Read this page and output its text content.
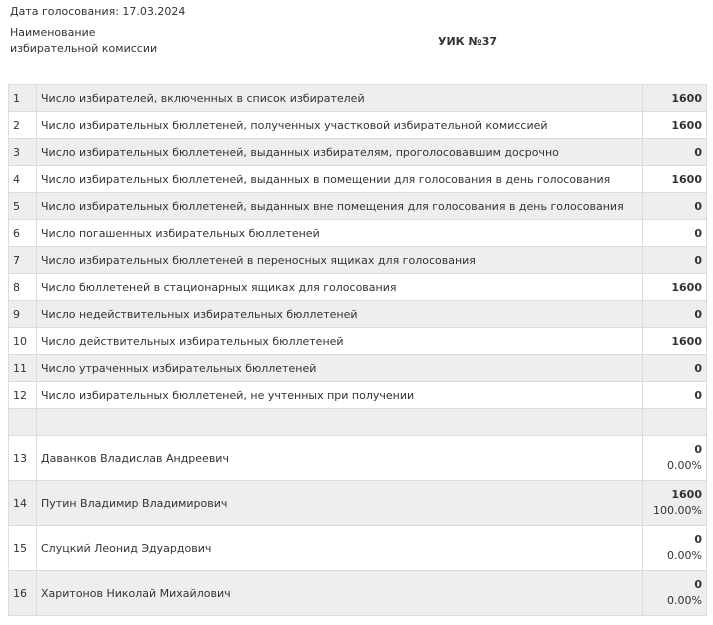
Дата голосования: 17.03.2024
Наименование избирательной комиссии
УИК №37
1	Число избирателей, включенных в список избирателей	1600
2	Число избирательных бюллетеней, полученных участковой избирательной комиссией	1600
3	Число избирательных бюллетеней, выданных избирателям, проголосовавшим досрочно	0
4	Число избирательных бюллетеней, выданных в помещении для голосования в день голосования	1600
5	Число избирательных бюллетеней, выданных вне помещения для голосования в день голосования	0
6	Число погашенных избирательных бюллетеней	0
7	Число избирательных бюллетеней в переносных ящиках для голосования	0
8	Число бюллетеней в стационарных ящиках для голосования	1600
9	Число недействительных избирательных бюллетеней	0
10	Число действительных избирательных бюллетеней	1600
11	Число утраченных избирательных бюллетеней	0
12	Число избирательных бюллетеней, не учтенных при получении	0

13	Даванков Владислав Андреевич	0
0.00%

14	Путин Владимир Владимирович	1600
100.00%

15	Слуцкий Леонид Эдуардович	0
0.00%

16	Харитонов Николай Михайлович	0
0.00%
